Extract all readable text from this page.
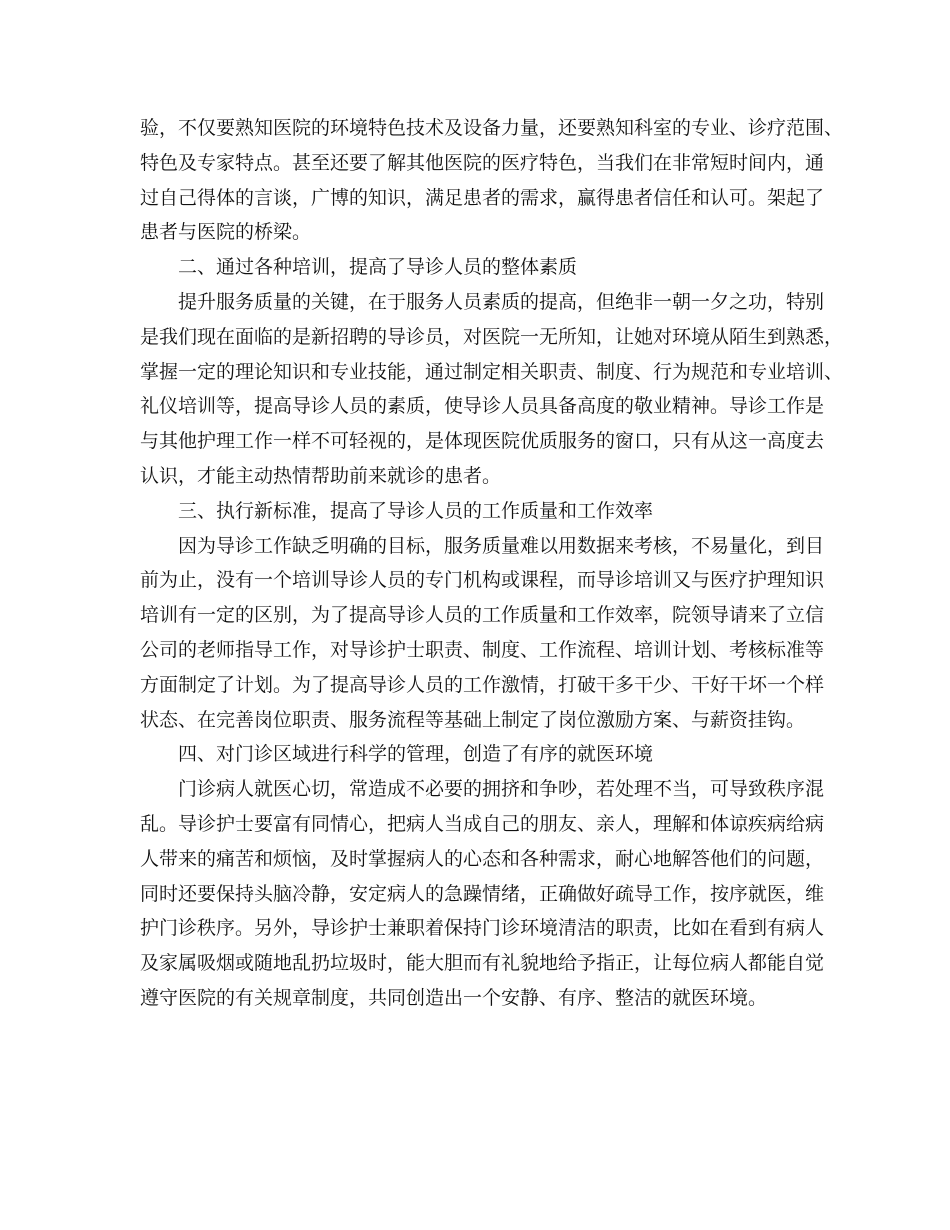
验，不仅要熟知医院的环境特色技术及设备力量，还要熟知科室的专业、诊疗范围、
特色及专家特点。甚至还要了解其他医院的医疗特色，当我们在非常短时间内，通
过自己得体的言谈，广博的知识，满足患者的需求，赢得患者信任和认可。架起了
患者与医院的桥梁。
二、通过各种培训，提高了导诊人员的整体素质
提升服务质量的关键，在于服务人员素质的提高，但绝非一朝一夕之功，特别
是我们现在面临的是新招聘的导诊员，对医院一无所知，让她对环境从陌生到熟悉，
掌握一定的理论知识和专业技能，通过制定相关职责、制度、行为规范和专业培训、
礼仪培训等，提高导诊人员的素质，使导诊人员具备高度的敬业精神。导诊工作是
与其他护理工作一样不可轻视的，是体现医院优质服务的窗口，只有从这一高度去
认识，才能主动热情帮助前来就诊的患者。
三、执行新标准，提高了导诊人员的工作质量和工作效率
因为导诊工作缺乏明确的目标，服务质量难以用数据来考核，不易量化，到目
前为止，没有一个培训导诊人员的专门机构或课程，而导诊培训又与医疗护理知识
培训有一定的区别，为了提高导诊人员的工作质量和工作效率，院领导请来了立信
公司的老师指导工作，对导诊护士职责、制度、工作流程、培训计划、考核标准等
方面制定了计划。为了提高导诊人员的工作激情，打破干多干少、干好干坏一个样
状态、在完善岗位职责、服务流程等基础上制定了岗位激励方案、与薪资挂钩。
四、对门诊区域进行科学的管理，创造了有序的就医环境
门诊病人就医心切，常造成不必要的拥挤和争吵，若处理不当，可导致秩序混
乱。导诊护士要富有同情心，把病人当成自己的朋友、亲人，理解和体谅疾病给病
人带来的痛苦和烦恼，及时掌握病人的心态和各种需求，耐心地解答他们的问题，
同时还要保持头脑冷静，安定病人的急躁情绪，正确做好疏导工作，按序就医，维
护门诊秩序。另外，导诊护士兼职着保持门诊环境清洁的职责，比如在看到有病人
及家属吸烟或随地乱扔垃圾时，能大胆而有礼貌地给予指正，让每位病人都能自觉
遵守医院的有关规章制度，共同创造出一个安静、有序、整洁的就医环境。
